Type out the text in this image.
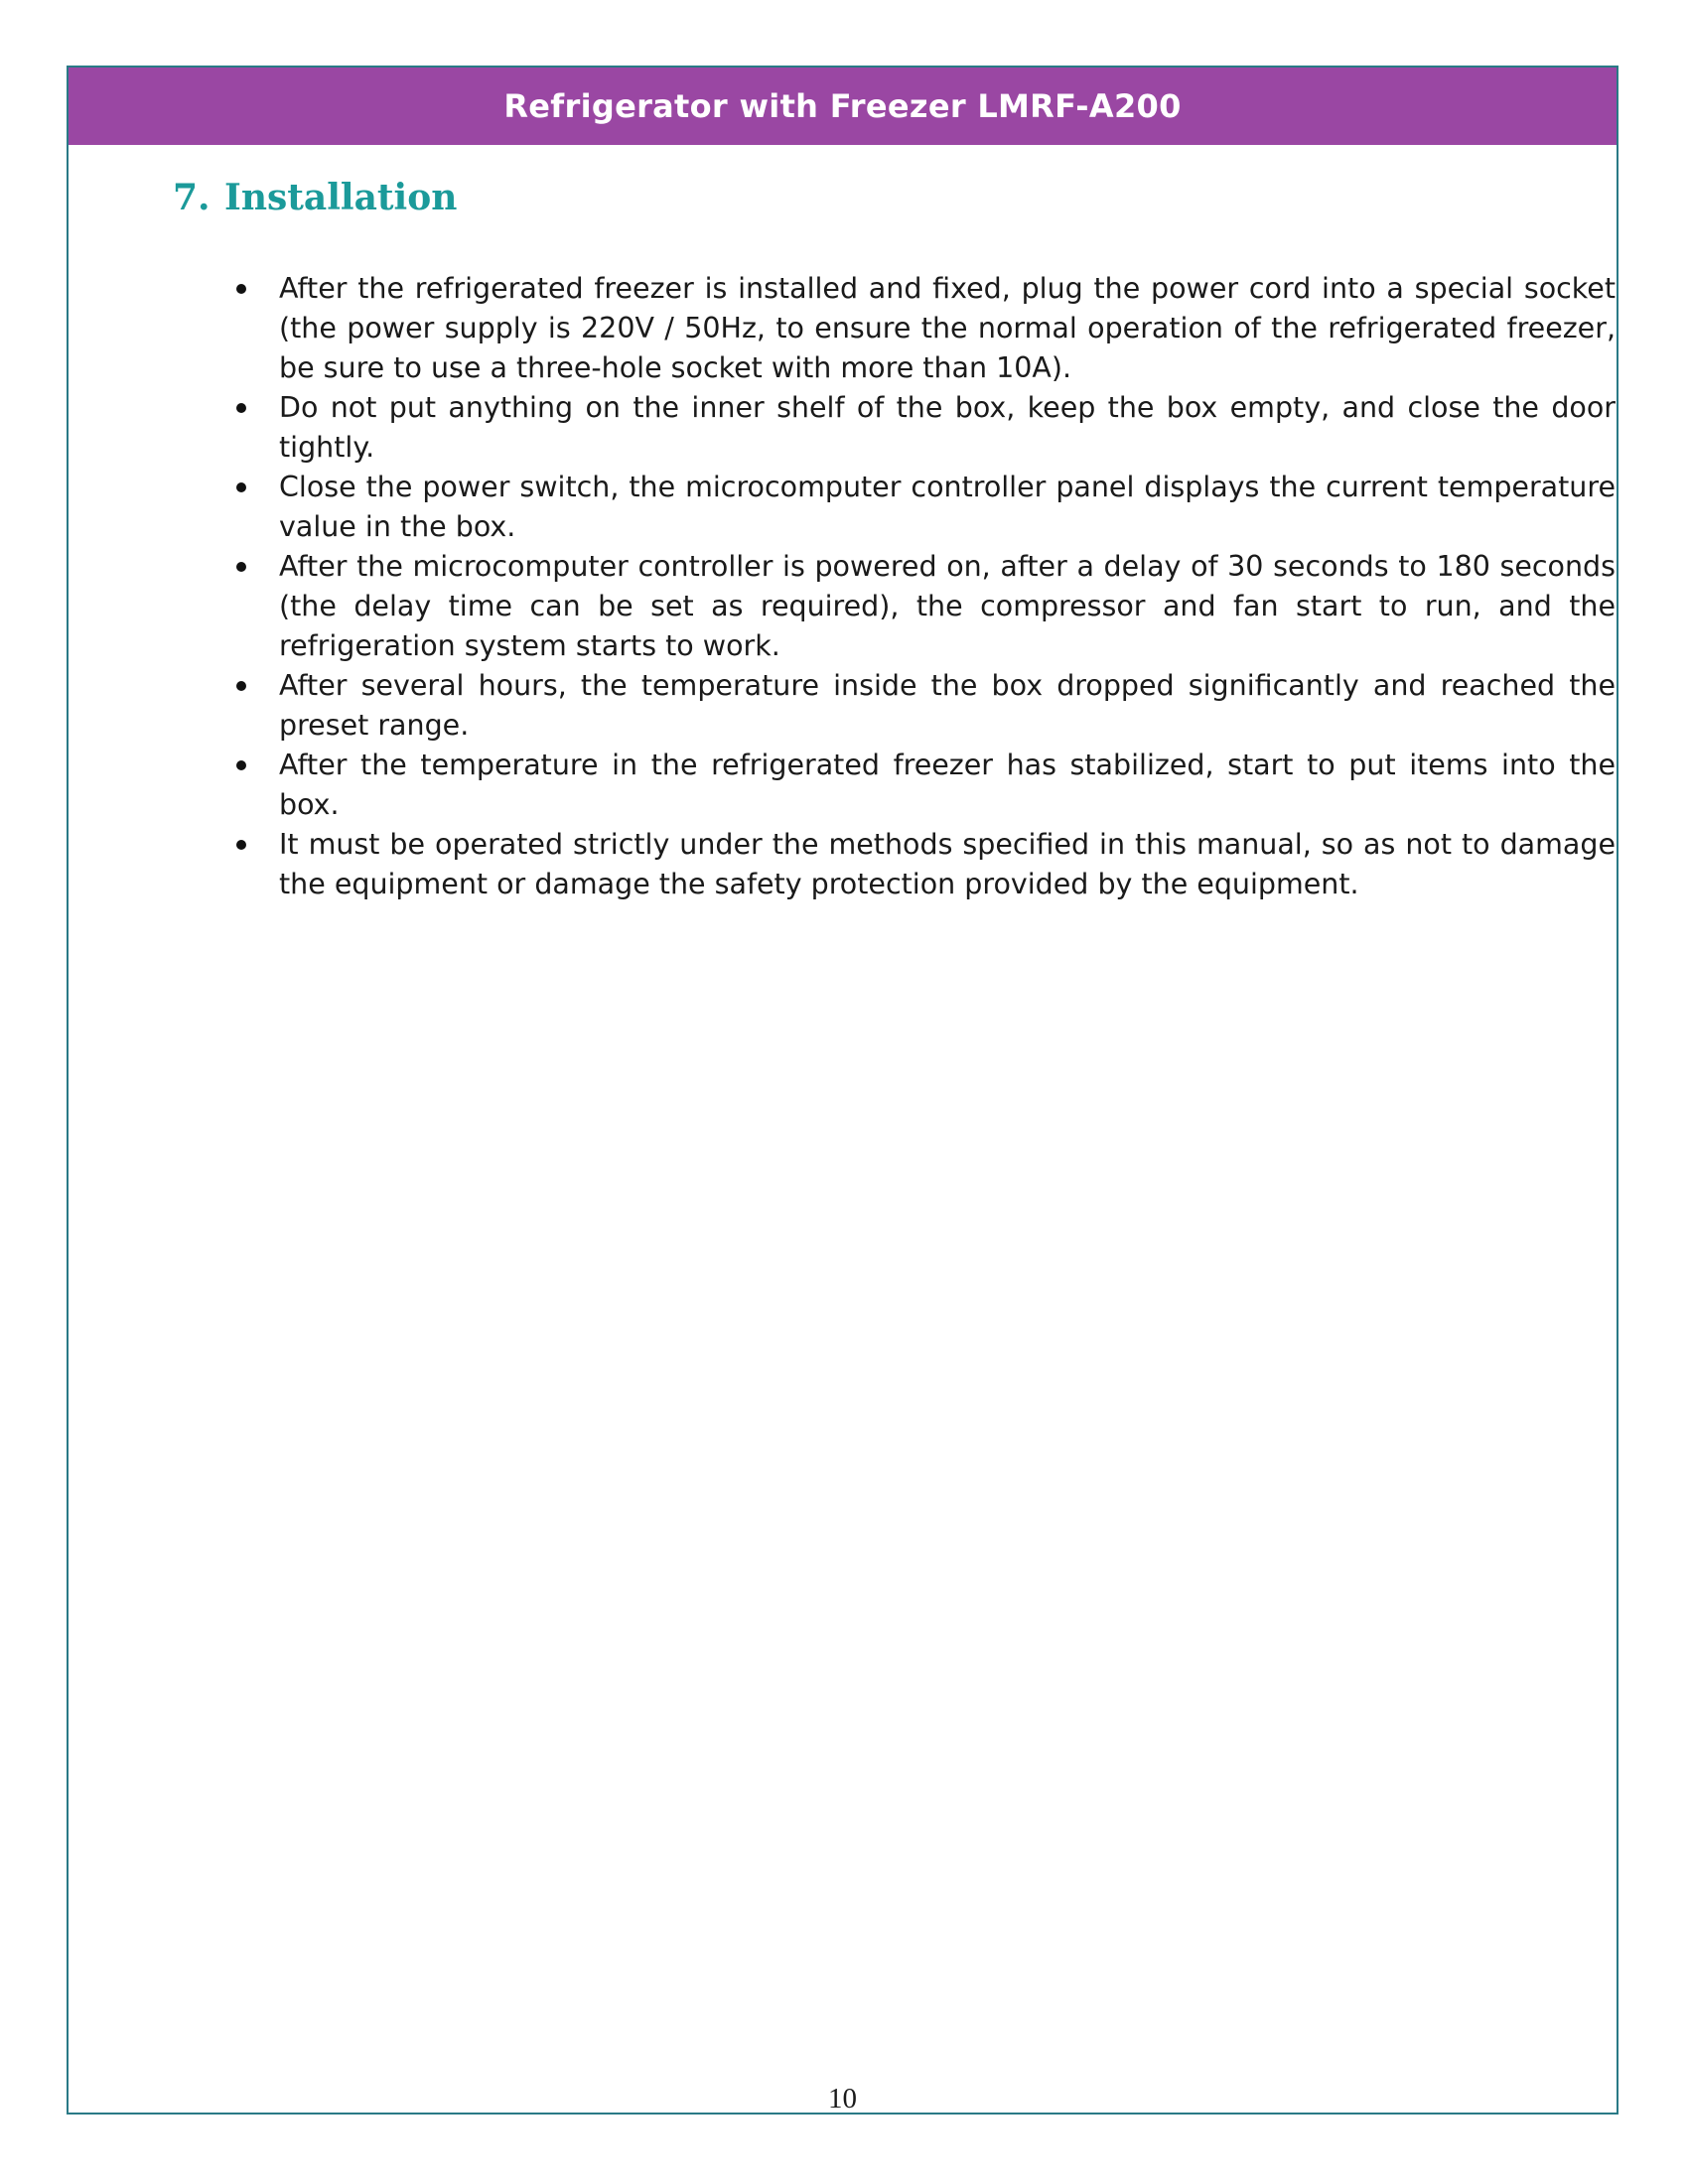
Refrigerator with Freezer LMRF-A200
7. Installation
After the refrigerated freezer is installed and fixed, plug the power cord into a special socket (the power supply is 220V / 50Hz, to ensure the normal operation of the refrigerated freezer, be sure to use a three-hole socket with more than 10A).
Do not put anything on the inner shelf of the box, keep the box empty, and close the door tightly.
Close the power switch, the microcomputer controller panel displays the current temperature value in the box.
After the microcomputer controller is powered on, after a delay of 30 seconds to 180 seconds (the delay time can be set as required), the compressor and fan start to run, and the refrigeration system starts to work.
After several hours, the temperature inside the box dropped significantly and reached the preset range.
After the temperature in the refrigerated freezer has stabilized, start to put items into the box.
It must be operated strictly under the methods specified in this manual, so as not to damage the equipment or damage the safety protection provided by the equipment.
10
